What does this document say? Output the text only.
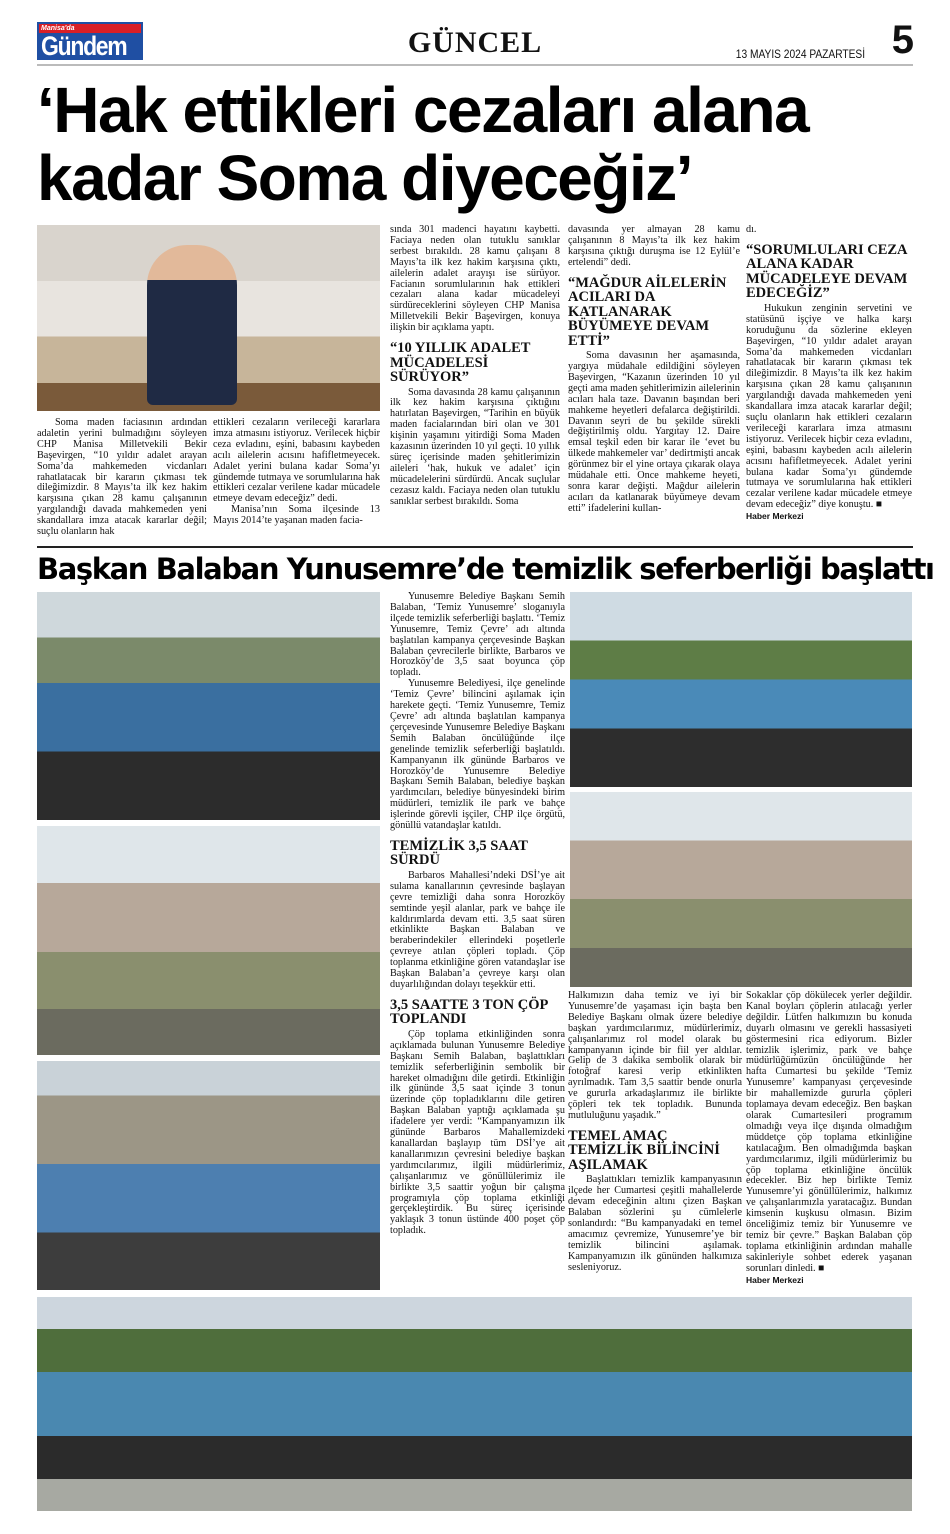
Manisa'da
Gündem	GÜNCEL	13 MAYIS 2024 PAZARTESİ 5
‘Hak ettikleri cezaları alana kadar Soma diyeceğiz’

Soma maden faciasının ardından adaletin yerini bulmadığını söyleyen CHP Manisa Milletvekili Bekir Başevirgen, “10 yıldır adalet arayan Soma’da mahkemeden vicdanları rahatlatacak bir kararın çıkması tek dileğimizdir. 8 Mayıs’ta ilk kez hakim karşısına çıkan 28 kamu çalışanının yargılandığı davada mahkemeden yeni skandallara imza atacak kararlar değil; suçlu olanların hak

ettikleri cezaların verileceği kararlara imza atmasını istiyoruz. Verilecek hiçbir ceza evladını, eşini, babasını kaybeden acılı ailelerin acısını hafifletmeyecek. Adalet yerini bulana kadar Soma’yı gündemde tutmaya ve sorumlularına hak ettikleri cezalar verilene kadar mücadele etmeye devam edeceğiz” dedi.

Manisa’nın Soma ilçesinde 13 Mayıs 2014’te yaşanan maden facia-

sında 301 madenci hayatını kaybetti. Faciaya neden olan tutuklu sanıklar serbest bırakıldı. 28 kamu çalışanı 8 Mayıs’ta ilk kez hakim karşısına çıktı, ailelerin adalet arayışı ise sürüyor. Facianın sorumlularının hak ettikleri cezaları alana kadar mücadeleyi sürdüreceklerini söyleyen CHP Manisa Milletvekili Bekir Başevirgen, konuya ilişkin bir açıklama yaptı.

“10 YILLIK ADALET MÜCADELESİ SÜRÜYOR”

Soma davasında 28 kamu çalışanının ilk kez hakim karşısına çıktığını hatırlatan Başevirgen, “Tarihin en büyük maden facialarından biri olan ve 301 kişinin yaşamını yitirdiği Soma Maden kazasının üzerinden 10 yıl geçti. 10 yıllık süreç içerisinde maden şehitlerimizin aileleri ‘hak, hukuk ve adalet’ için mücadelelerini sürdürdü. Ancak suçlular cezasız kaldı. Faciaya neden olan tutuklu sanıklar serbest bırakıldı. Soma

davasında yer almayan 28 kamu çalışanının 8 Mayıs’ta ilk kez hakim karşısına çıktığı duruşma ise 12 Eylül’e ertelendi” dedi.

“MAĞDUR AİLELERİN ACILARI DA KATLANARAK BÜYÜMEYE DEVAM ETTİ”

Soma davasının her aşamasında, yargıya müdahale edildiğini söyleyen Başevirgen, “Kazanın üzerinden 10 yıl geçti ama maden şehitlerimizin ailelerinin acıları hala taze. Davanın başından beri mahkeme heyetleri defalarca değiştirildi. Davanın seyri de bu şekilde sürekli değiştirilmiş oldu. Yargıtay 12. Daire emsal teşkil eden bir karar ile ‘evet bu ülkede mahkemeler var’ dedirtmişti ancak görünmez bir el yine ortaya çıkarak olaya müdahale etti. Once mahkeme heyeti, sonra karar değişti. Mağdur ailelerin acıları da katlanarak büyümeye devam etti” ifadelerini kullan-

dı.

“SORUMLULARI CEZA ALANA KADAR MÜCADELEYE DEVAM EDECEĞİZ”

Hukukun zenginin servetini ve statüsünü işçiye ve halka karşı koruduğunu da sözlerine ekleyen Başevirgen, “10 yıldır adalet arayan Soma’da mahkemeden vicdanları rahatlatacak bir kararın çıkması tek dileğimizdir. 8 Mayıs’ta ilk kez hakim karşısına çıkan 28 kamu çalışanının yargılandığı davada mahkemeden yeni skandallara imza atacak kararlar değil; suçlu olanların hak ettikleri cezaların verileceği kararlara imza atmasını istiyoruz. Verilecek hiçbir ceza evladını, eşini, babasını kaybeden acılı ailelerin acısını hafifletmeyecek. Adalet yerini bulana kadar Soma’yı gündemde tutmaya ve sorumlularına hak ettikleri cezalar verilene kadar mücadele etmeye devam edeceğiz” diye konuştu. ■

Haber Merkezi
Başkan Balaban Yunusemre’de temizlik seferberliği başlattı

Yunusemre Belediye Başkanı Semih Balaban, ‘Temiz Yunusemre’ sloganıyla ilçede temizlik seferberliği başlattı. ‘Temiz Yunusemre, Temiz Çevre’ adı altında başlatılan kampanya çerçevesinde Başkan Balaban çevrecilerle birlikte, Barbaros ve Horozköy’de 3,5 saat boyunca çöp topladı.

Yunusemre Belediyesi, ilçe genelinde ‘Temiz Çevre’ bilincini aşılamak için harekete geçti. ‘Temiz Yunusemre, Temiz Çevre’ adı altında başlatılan kampanya çerçevesinde Yunusemre Belediye Başkanı Semih Balaban öncülüğünde ilçe genelinde temizlik seferberliği başlatıldı. Kampanyanın ilk gününde Barbaros ve Horozköy’de Yunusemre Belediye Başkanı Semih Balaban, belediye başkan yardımcıları, belediye bünyesindeki birim müdürleri, temizlik ile park ve bahçe işlerinde görevli işçiler, CHP ilçe örgütü, gönüllü vatandaşlar katıldı.

TEMİZLİK 3,5 SAAT SÜRDÜ

Barbaros Mahallesi’ndeki DSİ’ye ait sulama kanallarının çevresinde başlayan çevre temizliği daha sonra Horozköy semtinde yeşil alanlar, park ve bahçe ile kaldırımlarda devam etti. 3,5 saat süren etkinlikte Başkan Balaban ve beraberindekiler ellerindeki poşetlerle çevreye atılan çöpleri topladı. Çöp toplanma etkinliğine gören vatandaşlar ise Başkan Balaban’a çevreye karşı olan duyarlılığından dolayı teşekkür etti.

3,5 SAATTE 3 TON ÇÖP TOPLANDI

Çöp toplama etkinliğinden sonra açıklamada bulunan Yunusemre Belediye Başkanı Semih Balaban, başlattıkları temizlik seferberliğinin sembolik bir hareket olmadığını dile getirdi. Etkinliğin ilk gününde 3,5 saat içinde 3 tonun üzerinde çöp topladıklarını dile getiren Başkan Balaban yaptığı açıklamada şu ifadelere yer verdi: “Kampanyamızın ilk gününde Barbaros Mahallemizdeki kanallardan başlayıp tüm DSİ’ye ait kanallarımızın çevresini belediye başkan yardımcılarımız, ilgili müdürlerimiz, çalışanlarımız ve gönüllülerimiz ile birlikte 3,5 saattir yoğun bir çalışma programıyla çöp toplama etkinliği gerçekleştirdik. Bu süreç içerisinde yaklaşık 3 tonun üstünde 400 poşet çöp topladık.

Halkımızın daha temiz ve iyi bir Yunusemre’de yaşaması için başta ben Belediye Başkanı olmak üzere belediye başkan yardımcılarımız, müdürlerimiz, çalışanlarımız rol model olarak bu kampanyanın içinde bir fiil yer aldılar. Gelip de 3 dakika sembolik olarak bir fotoğraf karesi verip etkinlikten ayrılmadık. Tam 3,5 saattir bende onurla ve gururla arkadaşlarımız ile birlikte çöpleri tek tek topladık. Bununda mutluluğunu yaşadık.”

TEMEL AMAÇ TEMİZLİK BİLİNCİNİ AŞILAMAK

Başlattıkları temizlik kampanyasının ilçede her Cumartesi çeşitli mahallelerde devam edeceğinin altını çizen Başkan Balaban sözlerini şu cümlelerle sonlandırdı: “Bu kampanyadaki en temel amacımız çevremize, Yunusemre’ye bir temizlik bilincini aşılamak. Kampanyamızın ilk gününden halkımıza sesleniyoruz.

Sokaklar çöp dökülecek yerler değildir. Kanal boyları çöplerin atılacağı yerler değildir. Lütfen halkımızın bu konuda duyarlı olmasını ve gerekli hassasiyeti göstermesini rica ediyorum. Bizler temizlik işlerimiz, park ve bahçe müdürlüğümüzün öncülüğünde her hafta Cumartesi bu şekilde ‘Temiz Yunusemre’ kampanyası çerçevesinde bir mahallemizde gururla çöpleri toplamaya devam edeceğiz. Ben başkan olarak Cumartesileri programım olmadığı veya ilçe dışında olmadığım müddetçe çöp toplama etkinliğine katılacağım. Ben olmadığımda başkan yardımcılarımız, ilgili müdürlerimiz bu çöp toplama etkinliğine öncülük edecekler. Biz hep birlikte Temiz Yunusemre’yi gönüllülerimiz, halkımız ve çalışanlarımızla yaratacağız. Bundan kimsenin kuşkusu olmasın. Bizim önceliğimiz temiz bir Yunusemre ve temiz bir çevre.” Başkan Balaban çöp toplama etkinliğinin ardından mahalle sakinleriyle sohbet ederek yaşanan sorunları dinledi. ■

Haber Merkezi
